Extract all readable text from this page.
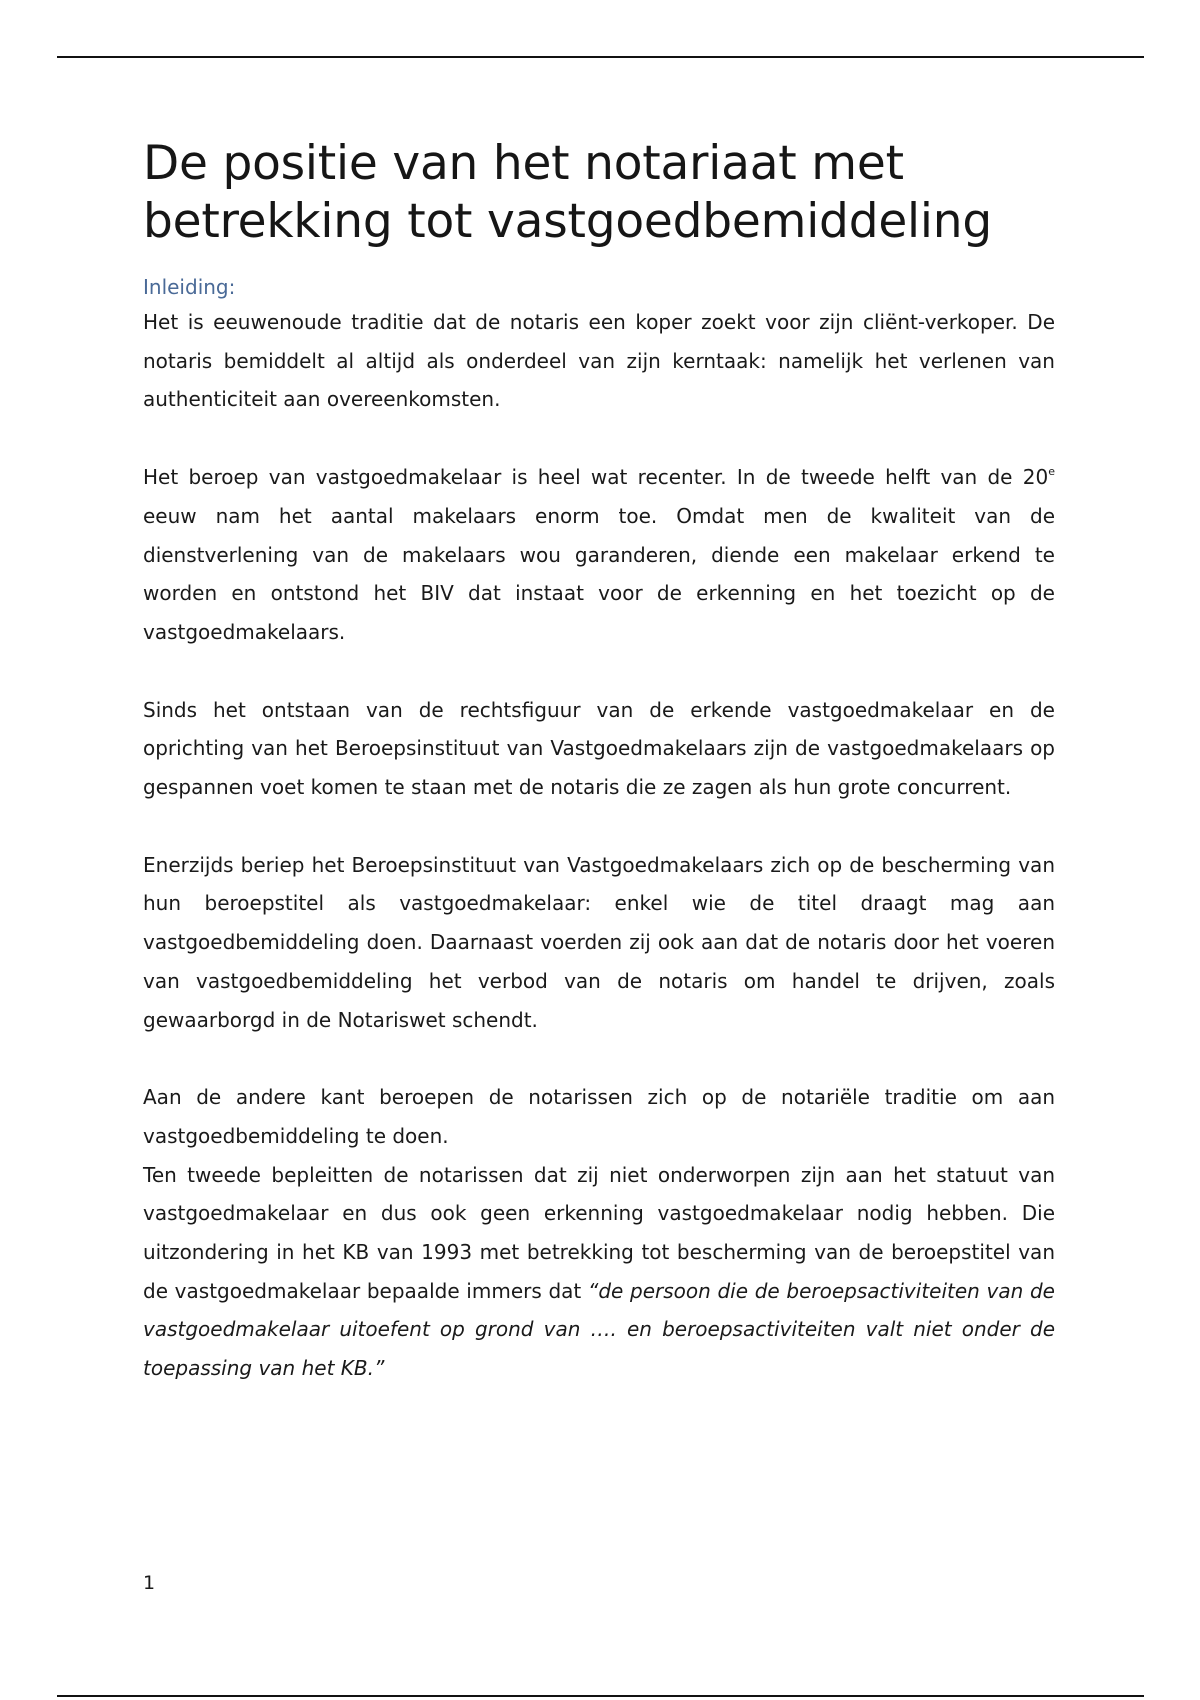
De positie van het notariaat met betrekking tot vastgoedbemiddeling
Inleiding:

Het is eeuwenoude traditie dat de notaris een koper zoekt voor zijn cliënt-verkoper. De notaris bemiddelt al altijd als onderdeel van zijn kerntaak: namelijk het verlenen van authenticiteit aan overeenkomsten.

Het beroep van vastgoedmakelaar is heel wat recenter. In de tweede helft van de 20e eeuw nam het aantal makelaars enorm toe. Omdat men de kwaliteit van de dienstverlening van de makelaars wou garanderen, diende een makelaar erkend te worden en ontstond het BIV dat instaat voor de erkenning en het toezicht op de vastgoedmakelaars.

Sinds het ontstaan van de rechtsfiguur van de erkende vastgoedmakelaar en de oprichting van het Beroepsinstituut van Vastgoedmakelaars zijn de vastgoedmakelaars op gespannen voet komen te staan met de notaris die ze zagen als hun grote concurrent.

Enerzijds beriep het Beroepsinstituut van Vastgoedmakelaars zich op de bescherming van hun beroepstitel als vastgoedmakelaar: enkel wie de titel draagt mag aan vastgoedbemiddeling doen. Daarnaast voerden zij ook aan dat de notaris door het voeren van vastgoedbemiddeling het verbod van de notaris om handel te drijven, zoals gewaarborgd in de Notariswet schendt.

Aan de andere kant beroepen de notarissen zich op de notariële traditie om aan vastgoedbemiddeling te doen.

Ten tweede bepleitten de notarissen dat zij niet onderworpen zijn aan het statuut van vastgoedmakelaar en dus ook geen erkenning vastgoedmakelaar nodig hebben. Die uitzondering in het KB van 1993 met betrekking tot bescherming van de beroepstitel van de vastgoedmakelaar bepaalde immers dat “de persoon die de beroepsactiviteiten van de vastgoedmakelaar uitoefent op grond van …. en beroepsactiviteiten valt niet onder de toepassing van het KB.”

1
